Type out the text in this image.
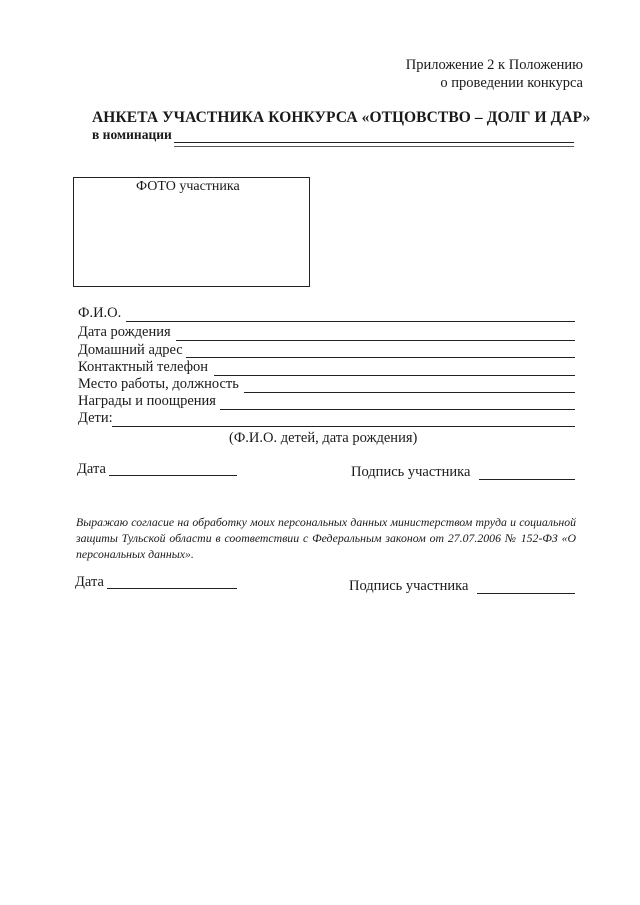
Приложение 2 к Положению
о проведении конкурса
АНКЕТА УЧАСТНИКА КОНКУРСА «ОТЦОВСТВО – ДОЛГ И ДАР»
в номинации
ФОТО участника
Ф.И.О.
Дата рождения
Домашний адрес
Контактный телефон
Место работы, должность
Награды и поощрения
Дети:
(Ф.И.О. детей, дата рождения)
Дата	Подпись участника
Выражаю согласие на обработку моих персональных данных министерством труда и социальной защиты Тульской области в соответствии с Федеральным законом от 27.07.2006 № 152-ФЗ «О персональных данных».
Дата	Подпись участника
